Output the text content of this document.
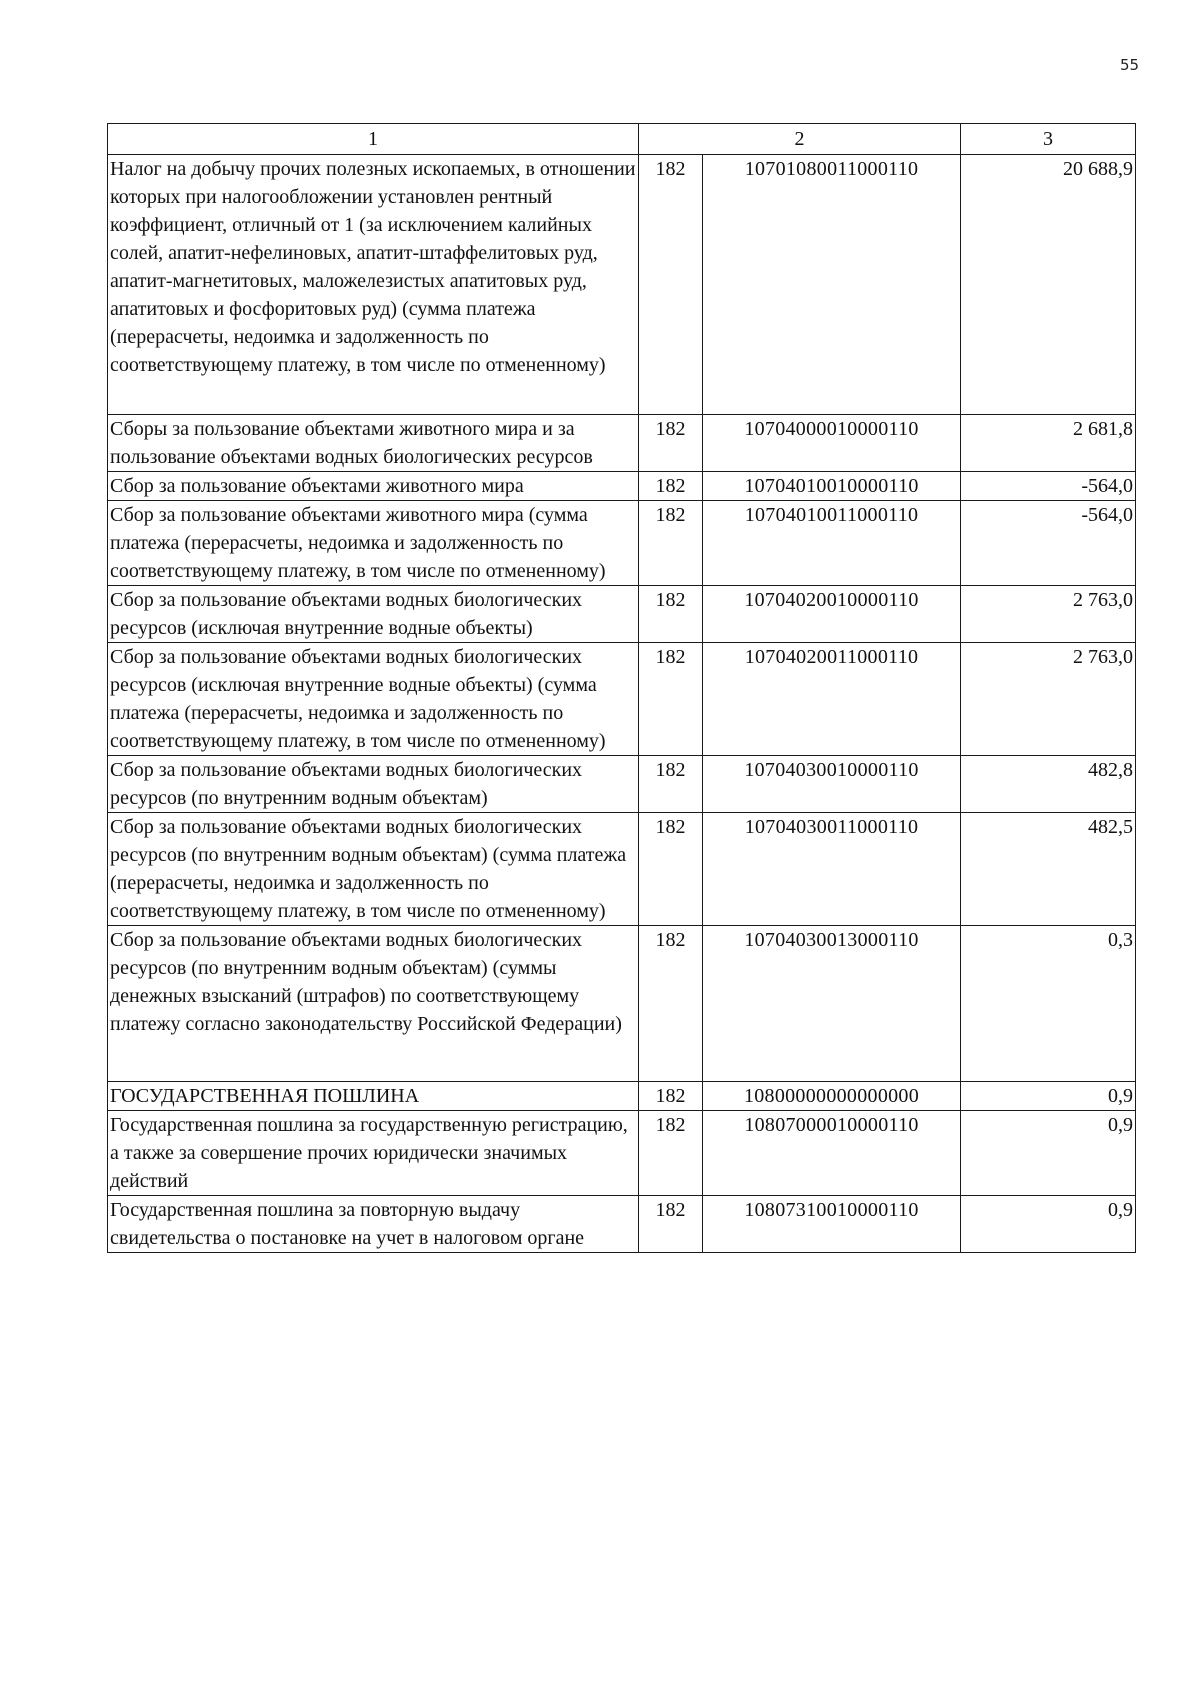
55
1	2		3
Налог на добычу прочих полезных ископаемых, в отношении которых при налогообложении установлен рентный коэффициент, отличный от 1 (за исключением калийных солей, апатит-нефелиновых, апатит-штаффелитовых руд, апатит-магнетитовых, маложелезистых апатитовых руд, апатитовых и фосфоритовых руд) (сумма платежа (перерасчеты, недоимка и задолженность по соответствующему платежу, в том числе по отмененному)	182	10701080011000110	20 688,9
Сборы за пользование объектами животного мира и за пользование объектами водных биологических ресурсов	182	10704000010000110	2 681,8
Сбор за пользование объектами животного мира	182	10704010010000110	-564,0
Сбор за пользование объектами животного мира (сумма платежа (перерасчеты, недоимка и задолженность по соответствующему платежу, в том числе по отмененному)	182	10704010011000110	-564,0
Сбор за пользование объектами водных биологических ресурсов (исключая внутренние водные объекты)	182	10704020010000110	2 763,0
Сбор за пользование объектами водных биологических ресурсов (исключая внутренние водные объекты) (сумма платежа (перерасчеты, недоимка и задолженность по соответствующему платежу, в том числе по отмененному)	182	10704020011000110	2 763,0
Сбор за пользование объектами водных биологических ресурсов (по внутренним водным объектам)	182	10704030010000110	482,8
Сбор за пользование объектами водных биологических ресурсов (по внутренним водным объектам) (сумма платежа (перерасчеты, недоимка и задолженность по соответствующему платежу, в том числе по отмененному)	182	10704030011000110	482,5
Сбор за пользование объектами водных биологических ресурсов (по внутренним водным объектам) (суммы денежных взысканий (штрафов) по соответствующему платежу согласно законодательству Российской Федерации)	182	10704030013000110	0,3
ГОСУДАРСТВЕННАЯ ПОШЛИНА	182	10800000000000000	0,9
Государственная пошлина за государственную регистрацию, а также за совершение прочих юридически значимых действий	182	10807000010000110	0,9
Государственная пошлина за повторную выдачу свидетельства о постановке на учет в налоговом органе	182	10807310010000110	0,9
